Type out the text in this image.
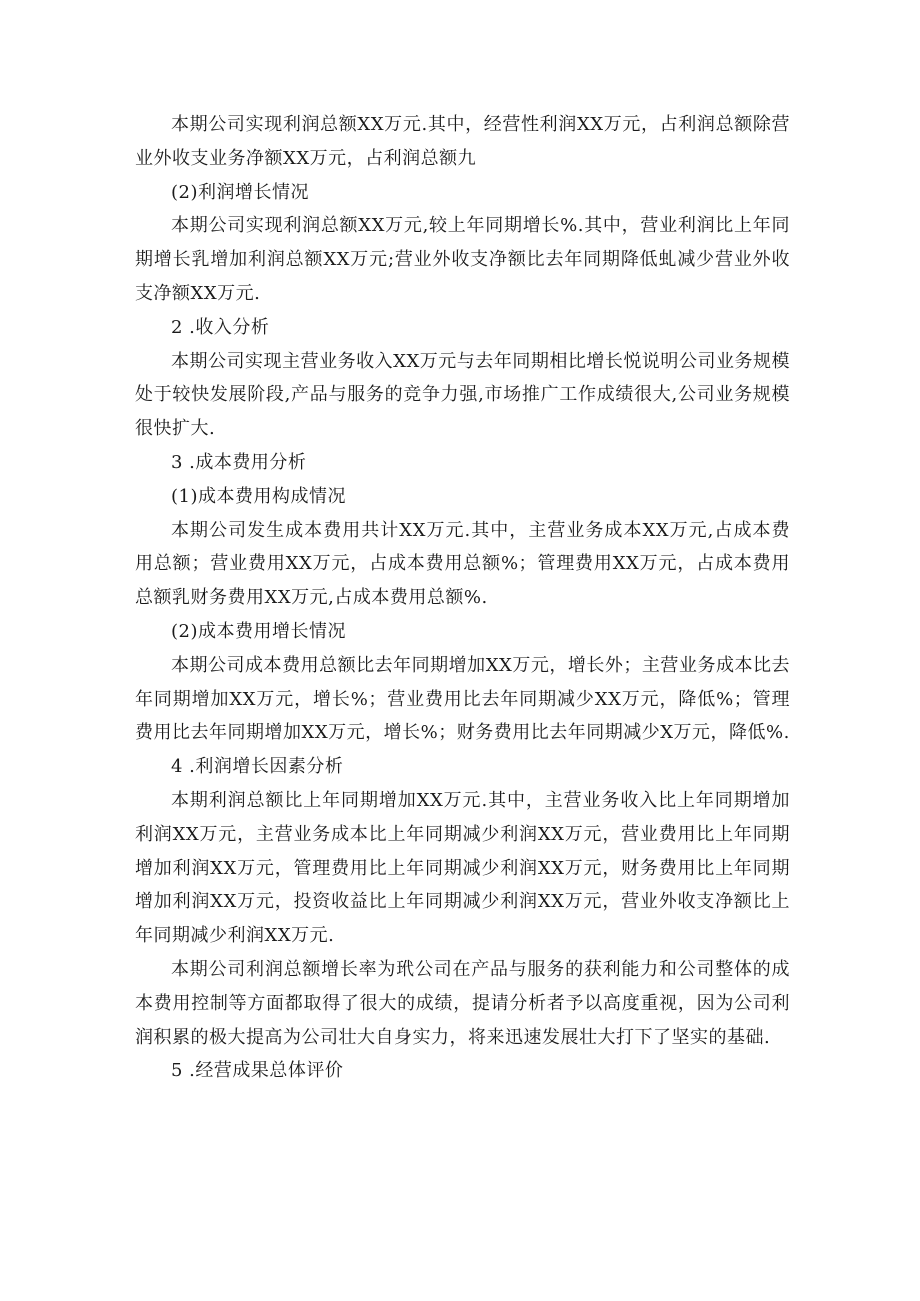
本期公司实现利润总额XX万元.其中，经营性利润XX万元，占利润总额除营业外收支业务净额XX万元，占利润总额九

(2)利润增长情况

本期公司实现利润总额XX万元,较上年同期增长%.其中，营业利润比上年同期增长乳增加利润总额XX万元;营业外收支净额比去年同期降低虬减少营业外收支净额XX万元.

2 .收入分析

本期公司实现主营业务收入XX万元与去年同期相比增长悦说明公司业务规模处于较快发展阶段,产品与服务的竞争力强,市场推广工作成绩很大,公司业务规模很快扩大.

3 .成本费用分析

(1)成本费用构成情况

本期公司发生成本费用共计XX万元.其中，主营业务成本XX万元,占成本费用总额；营业费用XX万元，占成本费用总额%；管理费用XX万元，占成本费用总额乳财务费用XX万元,占成本费用总额%.

(2)成本费用增长情况

本期公司成本费用总额比去年同期增加XX万元，增长外；主营业务成本比去年同期增加XX万元，增长%；营业费用比去年同期减少XX万元，降低%；管理费用比去年同期增加XX万元，增长%；财务费用比去年同期减少X万元，降低%.

4 .利润增长因素分析

本期利润总额比上年同期增加XX万元.其中，主营业务收入比上年同期增加利润XX万元，主营业务成本比上年同期减少利润XX万元，营业费用比上年同期增加利润XX万元，管理费用比上年同期减少利润XX万元，财务费用比上年同期增加利润XX万元，投资收益比上年同期减少利润XX万元，营业外收支净额比上年同期减少利润XX万元.

本期公司利润总额增长率为玳公司在产品与服务的获利能力和公司整体的成本费用控制等方面都取得了很大的成绩，提请分析者予以高度重视，因为公司利润积累的极大提高为公司壮大自身实力，将来迅速发展壮大打下了坚实的基础.

5 .经营成果总体评价
